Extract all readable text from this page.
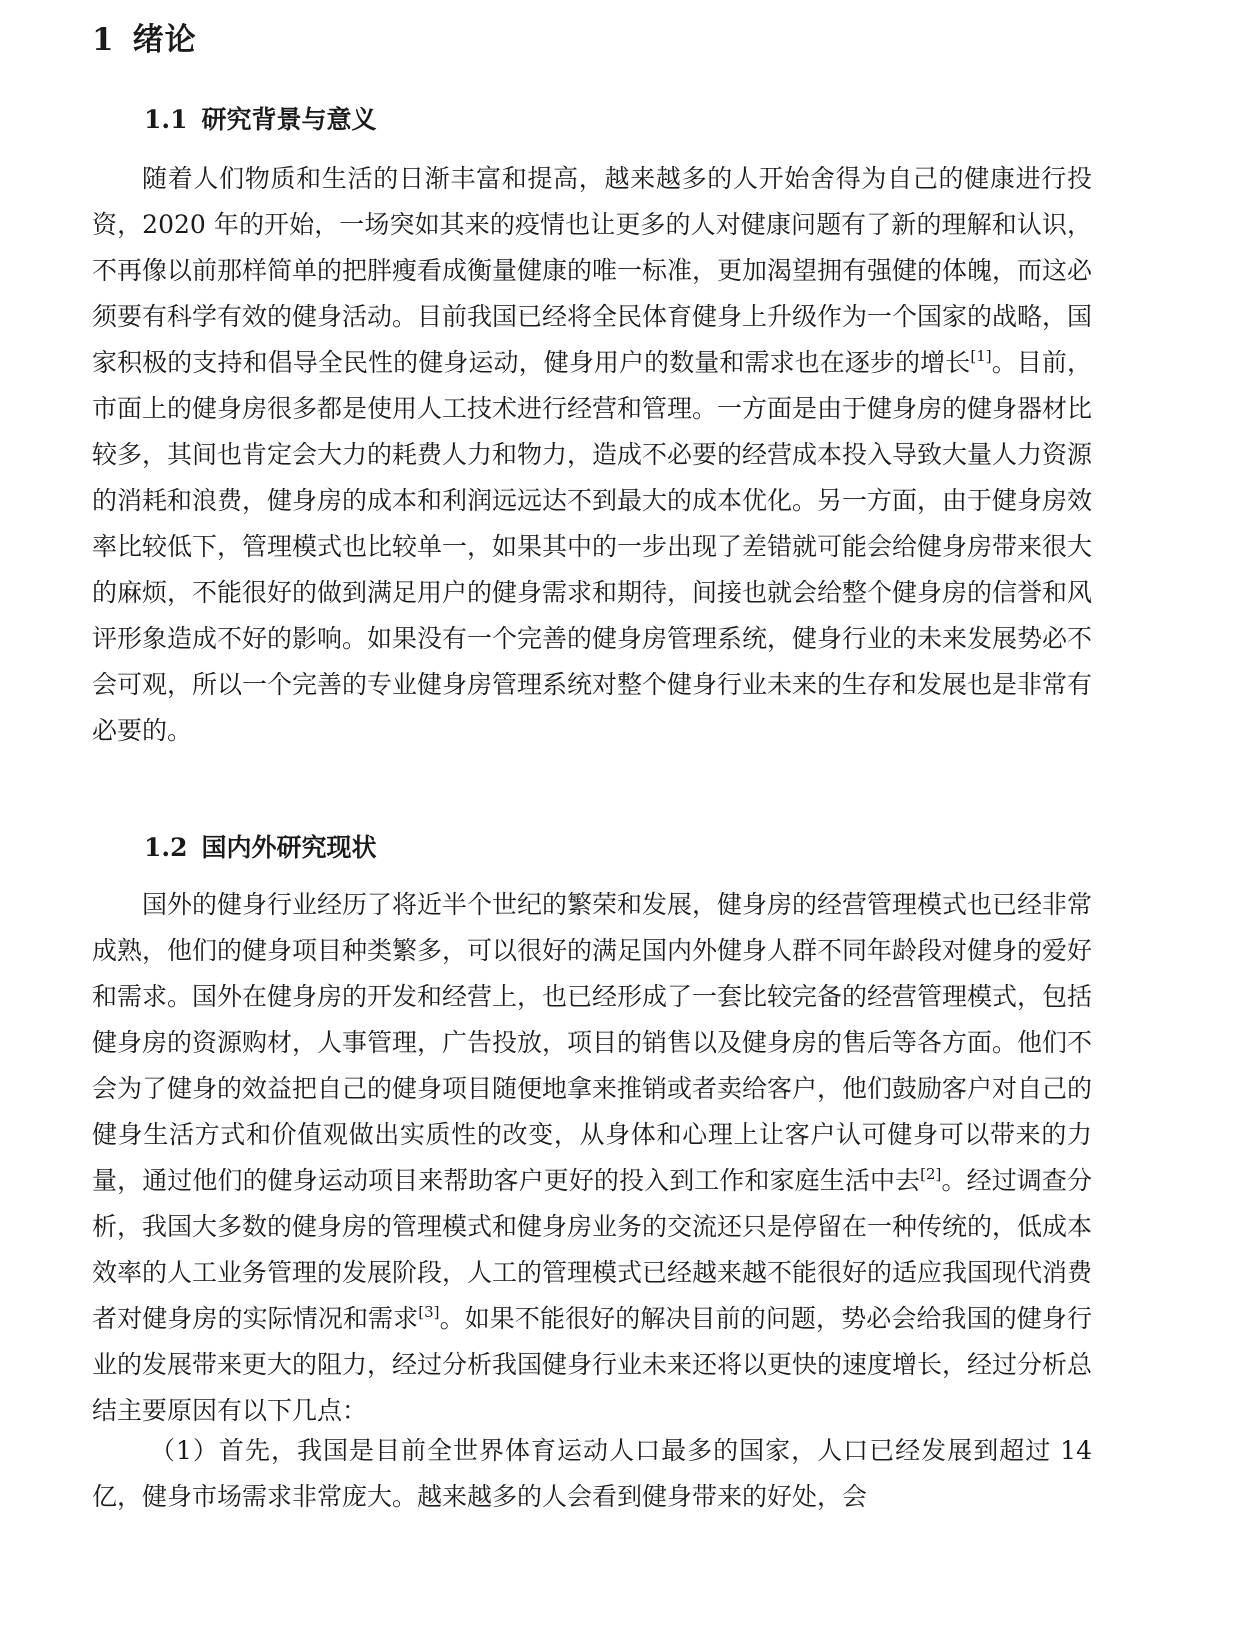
1 绪论
1.1 研究背景与意义
随着人们物质和生活的日渐丰富和提高，越来越多的人开始舍得为自己的健康进行投资，2020 年的开始，一场突如其来的疫情也让更多的人对健康问题有了新的理解和认识，不再像以前那样简单的把胖瘦看成衡量健康的唯一标准，更加渴望拥有强健的体魄，而这必须要有科学有效的健身活动。目前我国已经将全民体育健身上升级作为一个国家的战略，国家积极的支持和倡导全民性的健身运动，健身用户的数量和需求也在逐步的增长[1]。目前，市面上的健身房很多都是使用人工技术进行经营和管理。一方面是由于健身房的健身器材比较多，其间也肯定会大力的耗费人力和物力，造成不必要的经营成本投入导致大量人力资源的消耗和浪费，健身房的成本和利润远远达不到最大的成本优化。另一方面，由于健身房效率比较低下，管理模式也比较单一，如果其中的一步出现了差错就可能会给健身房带来很大的麻烦，不能很好的做到满足用户的健身需求和期待，间接也就会给整个健身房的信誉和风评形象造成不好的影响。如果没有一个完善的健身房管理系统，健身行业的未来发展势必不会可观，所以一个完善的专业健身房管理系统对整个健身行业未来的生存和发展也是非常有必要的。
1.2 国内外研究现状
国外的健身行业经历了将近半个世纪的繁荣和发展，健身房的经营管理模式也已经非常成熟，他们的健身项目种类繁多，可以很好的满足国内外健身人群不同年龄段对健身的爱好和需求。国外在健身房的开发和经营上，也已经形成了一套比较完备的经营管理模式，包括健身房的资源购材，人事管理，广告投放，项目的销售以及健身房的售后等各方面。他们不会为了健身的效益把自己的健身项目随便地拿来推销或者卖给客户，他们鼓励客户对自己的健身生活方式和价值观做出实质性的改变，从身体和心理上让客户认可健身可以带来的力量，通过他们的健身运动项目来帮助客户更好的投入到工作和家庭生活中去[2]。经过调查分析，我国大多数的健身房的管理模式和健身房业务的交流还只是停留在一种传统的，低成本效率的人工业务管理的发展阶段，人工的管理模式已经越来越不能很好的适应我国现代消费者对健身房的实际情况和需求[3]。如果不能很好的解决目前的问题，势必会给我国的健身行业的发展带来更大的阻力，经过分析我国健身行业未来还将以更快的速度增长，经过分析总结主要原因有以下几点：
（1）首先，我国是目前全世界体育运动人口最多的国家，人口已经发展到超过 14 亿，健身市场需求非常庞大。越来越多的人会看到健身带来的好处，会
